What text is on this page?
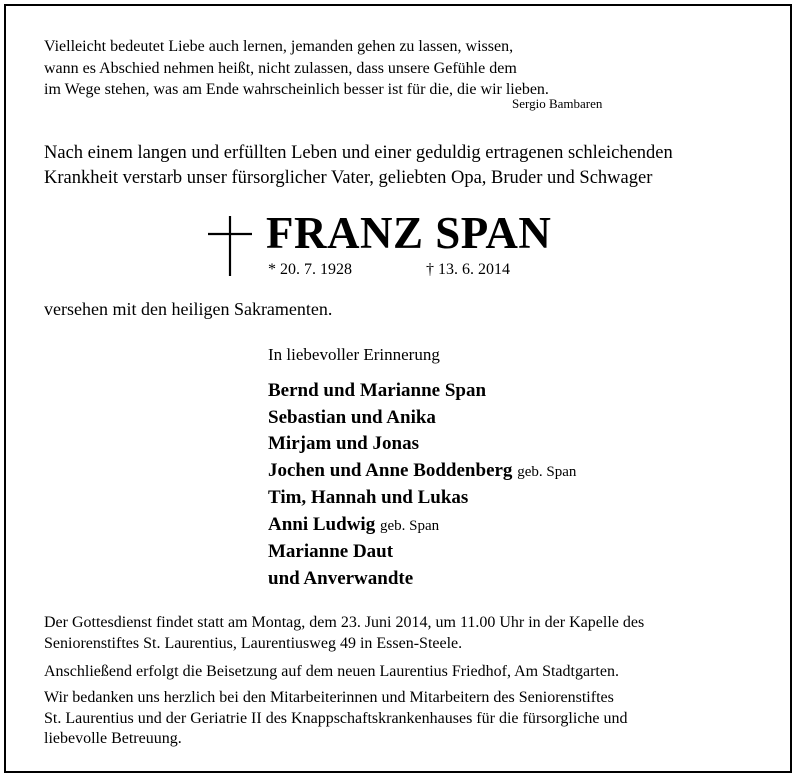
Vielleicht bedeutet Liebe auch lernen, jemanden gehen zu lassen, wissen,
wann es Abschied nehmen heißt, nicht zulassen, dass unsere Gefühle dem
im Wege stehen, was am Ende wahrscheinlich besser ist für die, die wir lieben.
Sergio Bambaren
Nach einem langen und erfüllten Leben und einer geduldig ertragenen schleichenden
Krankheit verstarb unser fürsorglicher Vater, geliebten Opa, Bruder und Schwager
FRANZ SPAN
* 20. 7. 1928	† 13. 6. 2014
versehen mit den heiligen Sakramenten.
In liebevoller Erinnerung
Bernd und Marianne Span
Sebastian und Anika
Mirjam und Jonas
Jochen und Anne Boddenberg geb. Span
Tim, Hannah und Lukas
Anni Ludwig geb. Span
Marianne Daut
und Anverwandte
Der Gottesdienst findet statt am Montag, dem 23. Juni 2014, um 11.00 Uhr in der Kapelle des
Seniorenstiftes St. Laurentius, Laurentiusweg 49 in Essen-Steele.
Anschließend erfolgt die Beisetzung auf dem neuen Laurentius Friedhof, Am Stadtgarten.
Wir bedanken uns herzlich bei den Mitarbeiterinnen und Mitarbeitern des Seniorenstiftes
St. Laurentius und der Geriatrie II des Knappschaftskrankenhauses für die fürsorgliche und
liebevolle Betreuung.
